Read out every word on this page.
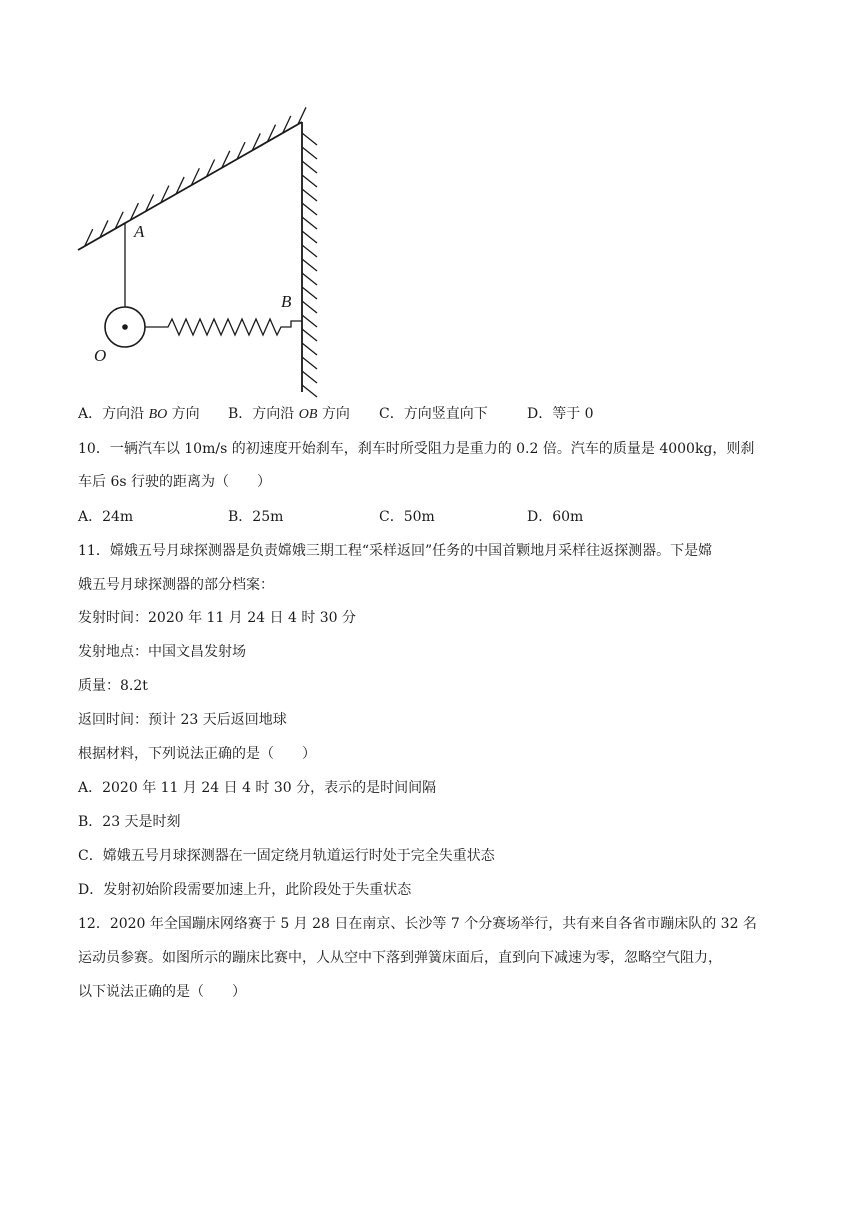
A
B
O
A．方向沿 BO 方向 B．方向沿 OB 方向 C．方向竖直向下	D．等于 0
10．一辆汽车以 10m/s 的初速度开始刹车，刹车时所受阻力是重力的 0.2 倍。汽车的质量是 4000kg，则刹
车后 6s 行驶的距离为（　　）
A．24m	B．25m	C．50m	D．60m
11．嫦娥五号月球探测器是负责嫦娥三期工程“采样返回”任务的中国首颗地月采样往返探测器。下是嫦
娥五号月球探测器的部分档案：
发射时间：2020 年 11 月 24 日 4 时 30 分
发射地点：中国文昌发射场
质量：8.2t
返回时间：预计 23 天后返回地球
根据材料，下列说法正确的是（　　）
A．2020 年 11 月 24 日 4 时 30 分，表示的是时间间隔
B．23 天是时刻
C．嫦娥五号月球探测器在一固定绕月轨道运行时处于完全失重状态
D．发射初始阶段需要加速上升，此阶段处于失重状态
12．2020 年全国蹦床网络赛于 5 月 28 日在南京、长沙等 7 个分赛场举行，共有来自各省市蹦床队的 32 名
运动员参赛。如图所示的蹦床比赛中，人从空中下落到弹簧床面后，直到向下减速为零，忽略空气阻力，
以下说法正确的是（　　）
